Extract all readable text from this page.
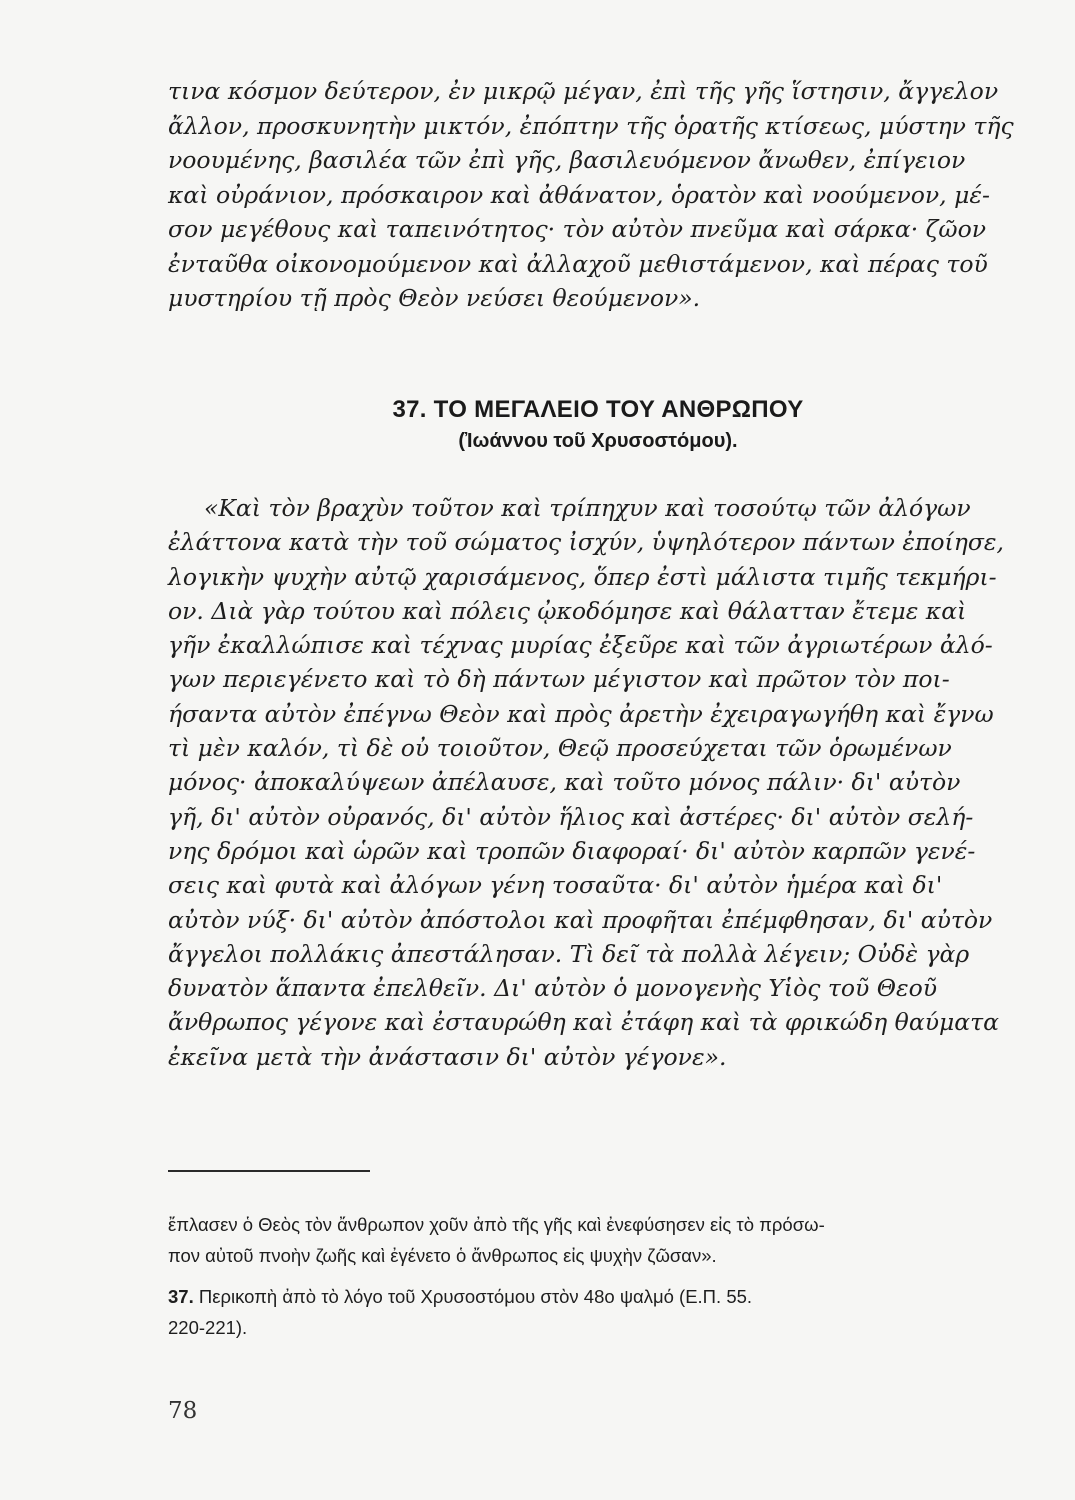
τινα κόσμον δεύτερον, ἐν μικρῷ μέγαν, ἐπὶ τῆς γῆς ἵστησιν, ἄγγελον
ἄλλον, προσκυνητὴν μικτόν, ἐπόπτην τῆς ὁρατῆς κτίσεως, μύστην τῆς
νοουμένης, βασιλέα τῶν ἐπὶ γῆς, βασιλευόμενον ἄνωθεν, ἐπίγειον
καὶ οὐράνιον, πρόσκαιρον καὶ ἀθάνατον, ὁρατὸν καὶ νοούμενον, μέ-
σον μεγέθους καὶ ταπεινότητος· τὸν αὐτὸν πνεῦμα καὶ σάρκα· ζῶον
ἐνταῦθα οἰκονομούμενον καὶ ἀλλαχοῦ μεθιστάμενον, καὶ πέρας τοῦ
μυστηρίου τῇ πρὸς Θεὸν νεύσει θεούμενον».
37. ΤΟ ΜΕΓΑΛΕΙΟ ΤΟΥ ΑΝΘΡΩΠΟΥ
(Ἰωάννου τοῦ Χρυσοστόμου).
«Καὶ τὸν βραχὺν τοῦτον καὶ τρίπηχυν καὶ τοσούτῳ τῶν ἀλόγων
ἐλάττονα κατὰ τὴν τοῦ σώματος ἰσχύν, ὑψηλότερον πάντων ἐποίησε,
λογικὴν ψυχὴν αὐτῷ χαρισάμενος, ὅπερ ἐστὶ μάλιστα τιμῆς τεκμήρι-
ον. Διὰ γὰρ τούτου καὶ πόλεις ᾠκοδόμησε καὶ θάλατταν ἔτεμε καὶ
γῆν ἐκαλλώπισε καὶ τέχνας μυρίας ἐξεῦρε καὶ τῶν ἀγριωτέρων ἀλό-
γων περιεγένετο καὶ τὸ δὴ πάντων μέγιστον καὶ πρῶτον τὸν ποι-
ήσαντα αὐτὸν ἐπέγνω Θεὸν καὶ πρὸς ἀρετὴν ἐχειραγωγήθη καὶ ἔγνω
τὶ μὲν καλόν, τὶ δὲ οὐ τοιοῦτον, Θεῷ προσεύχεται τῶν ὁρωμένων
μόνος· ἀποκαλύψεων ἀπέλαυσε, καὶ τοῦτο μόνος πάλιν· δι' αὐτὸν
γῆ, δι' αὐτὸν οὐρανός, δι' αὐτὸν ἥλιος καὶ ἀστέρες· δι' αὐτὸν σελή-
νης δρόμοι καὶ ὡρῶν καὶ τροπῶν διαφοραί· δι' αὐτὸν καρπῶν γενέ-
σεις καὶ φυτὰ καὶ ἀλόγων γένη τοσαῦτα· δι' αὐτὸν ἡμέρα καὶ δι'
αὐτὸν νύξ· δι' αὐτὸν ἀπόστολοι καὶ προφῆται ἐπέμφθησαν, δι' αὐτὸν
ἄγγελοι πολλάκις ἀπεστάλησαν. Τὶ δεῖ τὰ πολλὰ λέγειν; Οὐδὲ γὰρ
δυνατὸν ἅπαντα ἐπελθεῖν. Δι' αὐτὸν ὁ μονογενὴς Υἱὸς τοῦ Θεοῦ
ἄνθρωπος γέγονε καὶ ἐσταυρώθη καὶ ἐτάφη καὶ τὰ φρικώδη θαύματα
ἐκεῖνα μετὰ τὴν ἀνάστασιν δι' αὐτὸν γέγονε».
ἔπλασεν ὁ Θεὸς τὸν ἄνθρωπον χοῦν ἀπὸ τῆς γῆς καὶ ἐνεφύσησεν εἰς τὸ πρόσω-
πον αὐτοῦ πνοὴν ζωῆς καὶ ἐγένετο ὁ ἄνθρωπος εἰς ψυχὴν ζῶσαν».
37. Περικοπὴ ἀπὸ τὸ λόγο τοῦ Χρυσοστόμου στὸν 48ο ψαλμό (Ε.Π. 55.
220-221).
78
